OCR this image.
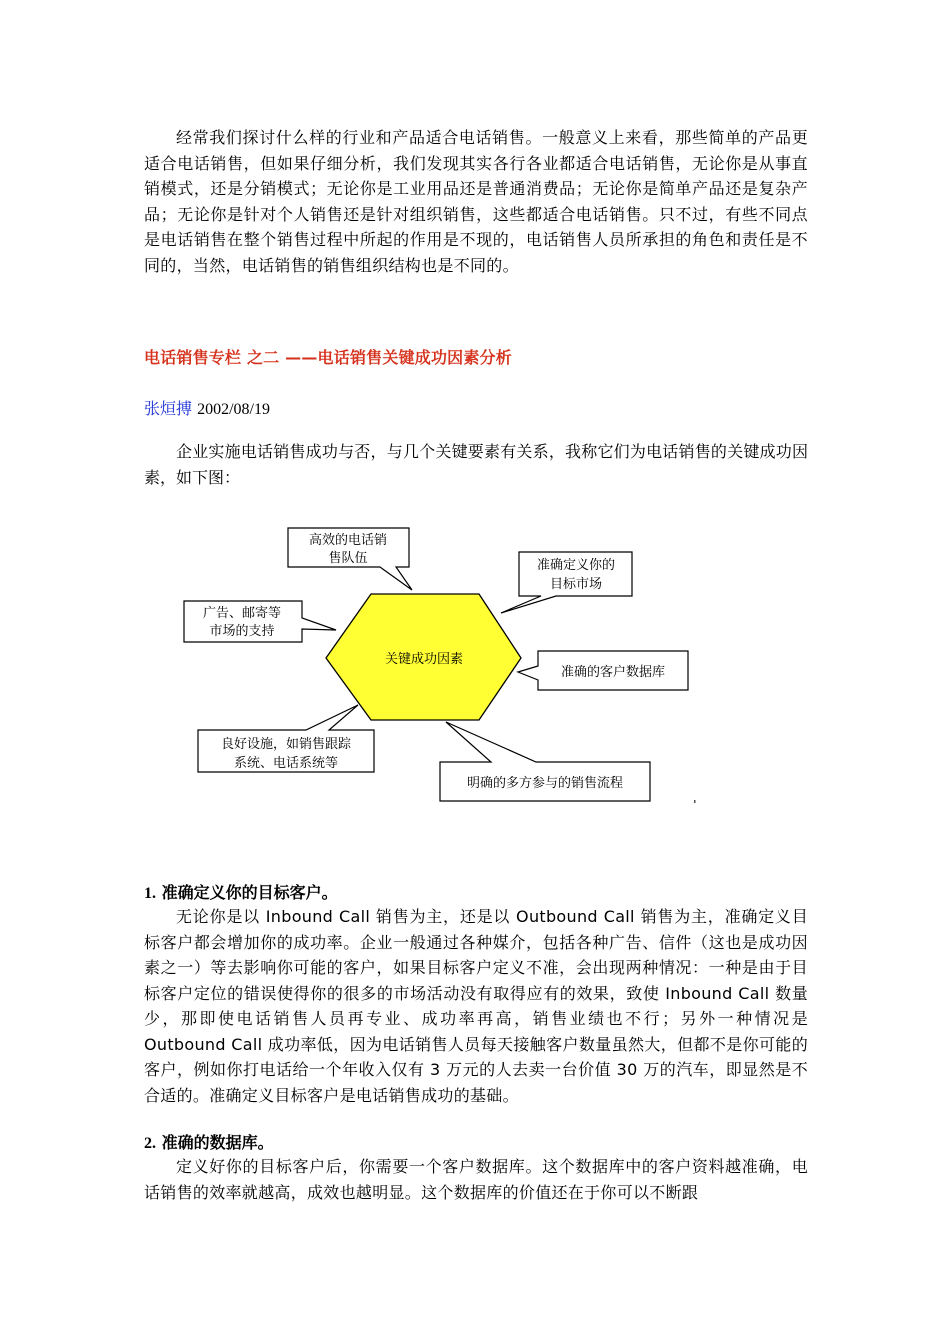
经常我们探讨什么样的行业和产品适合电话销售。一般意义上来看，那些简单的产品更适合电话销售，但如果仔细分析，我们发现其实各行各业都适合电话销售，无论你是从事直销模式，还是分销模式；无论你是工业用品还是普通消费品；无论你是简单产品还是复杂产品；无论你是针对个人销售还是针对组织销售，这些都适合电话销售。只不过，有些不同点是电话销售在整个销售过程中所起的作用是不现的，电话销售人员所承担的角色和责任是不同的，当然，电话销售的销售组织结构也是不同的。

电话销售专栏 之二 ——电话销售关键成功因素分析
张烜搏 2002/08/19

企业实施电话销售成功与否，与几个关键要素有关系，我称它们为电话销售的关键成功因素，如下图：

1. 准确定义你的目标客户。

无论你是以 Inbound Call 销售为主，还是以 Outbound Call 销售为主，准确定义目标客户都会增加你的成功率。企业一般通过各种媒介，包括各种广告、信件（这也是成功因素之一）等去影响你可能的客户，如果目标客户定义不准，会出现两种情况：一种是由于目标客户定位的错误使得你的很多的市场活动没有取得应有的效果，致使 Inbound Call 数量少，那即使电话销售人员再专业、成功率再高，销售业绩也不行；另外一种情况是 Outbound Call 成功率低，因为电话销售人员每天接触客户数量虽然大，但都不是你可能的客户，例如你打电话给一个年收入仅有 3 万元的人去卖一台价值 30 万的汽车，即显然是不合适的。准确定义目标客户是电话销售成功的基础。

2. 准确的数据库。

定义好你的目标客户后，你需要一个客户数据库。这个数据库中的客户资料越准确，电话销售的效率就越高，成效也越明显。这个数据库的价值还在于你可以不断跟

关键成功因素
高效的电话销
售队伍	准确定义你的
目标市场
广告、邮寄等
市场的支持
准确的客户数据库
良好设施，如销售跟踪
系统、电话系统等
明确的多方参与的销售流程
